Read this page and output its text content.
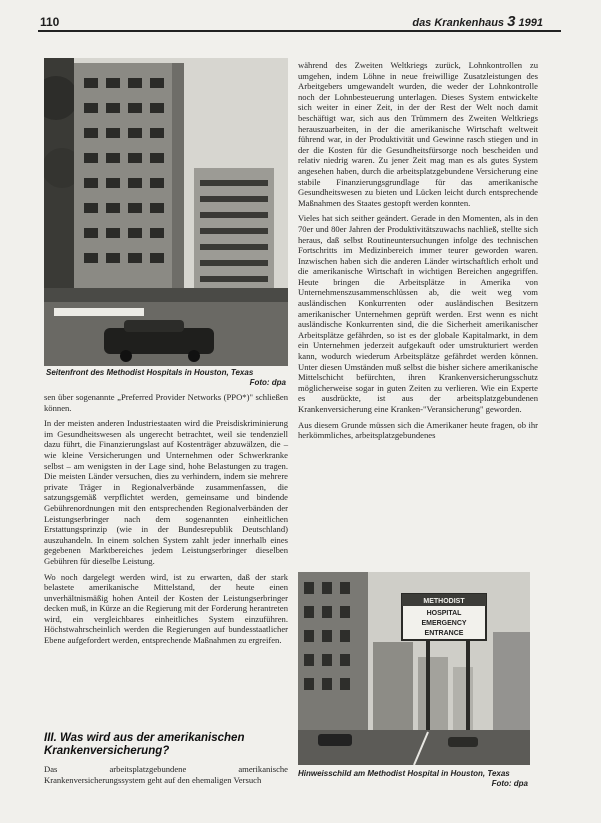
110	das Krankenhaus 3 1991
Seitenfront des Methodist Hospitals in Houston, Texas
Foto: dpa

sen über sogenannte „Preferred Provider Networks (PPO*)" schließen können.

In der meisten anderen Industriestaaten wird die Preisdiskriminierung im Gesundheitswesen als ungerecht betrachtet, weil sie tendenziell dazu führt, die Finanzierungslast auf Kostenträger abzuwälzen, die – wie kleine Versicherungen und Unternehmen oder Schwerkranke selbst – am wenigsten in der Lage sind, hohe Belastungen zu tragen. Die meisten Länder versuchen, dies zu verhindern, indem sie mehrere private Träger in Regionalverbände zusammenfassen, die satzungsgemäß verpflichtet werden, gemeinsame und bindende Gebührenordnungen mit den entsprechenden Regionalverbänden der Leistungserbringer nach dem sogenannten einheitlichen Erstattungsprinzip (wie in der Bundesrepublik Deutschland) auszuhandeln. In einem solchen System zahlt jeder innerhalb eines gegebenen Marktbereiches jedem Leistungserbringer dieselben Gebühren für dieselbe Leistung.

Wo noch dargelegt werden wird, ist zu erwarten, daß der stark belastete amerikanische Mittelstand, der heute einen unverhältnismäßig hohen Anteil der Kosten der Leistungserbringer decken muß, in Kürze an die Regierung mit der Forderung herantreten wird, ein vergleichbares einheitliches System einzuführen. Höchstwahrscheinlich werden die Regierungen auf bundesstaatlicher Ebene aufgefordert werden, entsprechende Maßnahmen zu ergreifen.

III. Was wird aus der amerikanischen Krankenversicherung?

Das arbeitsplatzgebundene amerikanische Krankenversicherungssystem geht auf den ehemaligen Versuch

während des Zweiten Weltkriegs zurück, Lohnkontrollen zu umgehen, indem Löhne in neue freiwillige Zusatzleistungen des Arbeitgebers umgewandelt wurden, die weder der Lohnkontrolle noch der Lohnbesteuerung unterlagen. Dieses System entwickelte sich weiter in einer Zeit, in der der Rest der Welt noch damit beschäftigt war, sich aus den Trümmern des Zweiten Weltkriegs herauszuarbeiten, in der die amerikanische Wirtschaft weltweit führend war, in der Produktivität und Gewinne rasch stiegen und in der die Kosten für die Gesundheitsfürsorge noch bescheiden und relativ niedrig waren. Zu jener Zeit mag man es als gutes System angesehen haben, durch die arbeitsplatzgebundene Versicherung eine stabile Finanzierungsgrundlage für das amerikanische Gesundheitswesen zu bieten und Lücken leicht durch entsprechende Maßnahmen des Staates gestopft werden konnten.

Vieles hat sich seither geändert. Gerade in den Momenten, als in den 70er und 80er Jahren der Produktivitätszuwachs nachließ, stellte sich heraus, daß selbst Routineuntersuchungen infolge des technischen Fortschritts im Medizinbereich immer teurer geworden waren. Inzwischen haben sich die anderen Länder wirtschaftlich erholt und die amerikanische Wirtschaft in wichtigen Bereichen angegriffen. Heute bringen die Arbeitsplätze in Amerika von Unternehmenszusammenschlüssen ab, die weit weg vom ausländischen Konkurrenten oder ausländischen Besitzern amerikanischer Unternehmen geprüft werden. Erst wenn es nicht ausländische Konkurrenten sind, die die Sicherheit amerikanischer Arbeitsplätze gefährden, so ist es der globale Kapitalmarkt, in dem ein Unternehmen jederzeit aufgekauft oder umstrukturiert werden kann, wodurch wiederum Arbeitsplätze gefährdet werden können. Unter diesen Umständen muß selbst die bisher sichere amerikanische Mittelschicht befürchten, ihren Krankenversicherungsschutz möglicherweise sogar in guten Zeiten zu verlieren. Wie ein Experte es ausdrückte, ist aus der arbeitsplatzgebundenen Krankenversicherung eine Kranken-"Veransicherung" geworden.

Aus diesem Grunde müssen sich die Amerikaner heute fragen, ob ihr herkömmliches, arbeitsplatzgebundenes

METHODIST
HOSPITAL
EMERGENCY
ENTRANCE
Hinweisschild am Methodist Hospital in Houston, Texas
Foto: dpa
